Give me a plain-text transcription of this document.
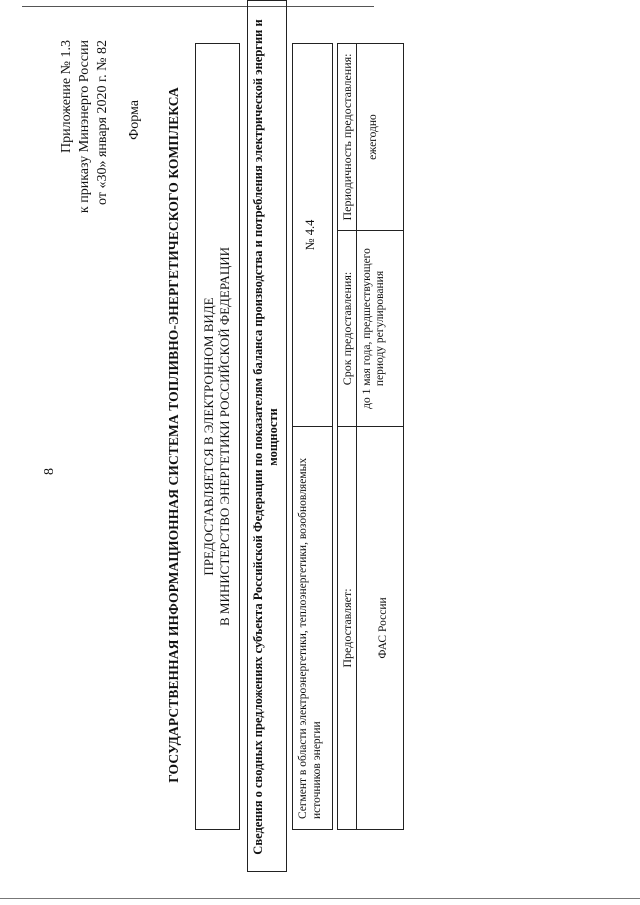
8
Приложение № 1.3 к приказу Минэнерго России от «30» января 2020 г. № 82 Форма ГОСУДАРСТВЕННАЯ ИНФОРМАЦИОННАЯ СИСТЕМА ТОПЛИВНО-ЭНЕРГЕТИЧЕСКОГО КОМПЛЕКСА ПРЕДОСТАВЛЯЕТСЯ В ЭЛЕКТРОННОМ ВИДЕ В МИНИСТЕРСТВО ЭНЕРГЕТИКИ РОССИЙСКОЙ ФЕДЕРАЦИИ Сведения о сводных предложениях субъекта Российской Федерации по показателям баланса производства и потребления электрической энергии и мощности
Сегмент в области электроэнергетики, теплоэнергетики, возобновляемых источников энергии
№ 4.4
Предоставляет: ФАС России
Срок предоставления: до 1 мая года, предшествующего периоду регулирования
Периодичность предоставления: ежегодно
